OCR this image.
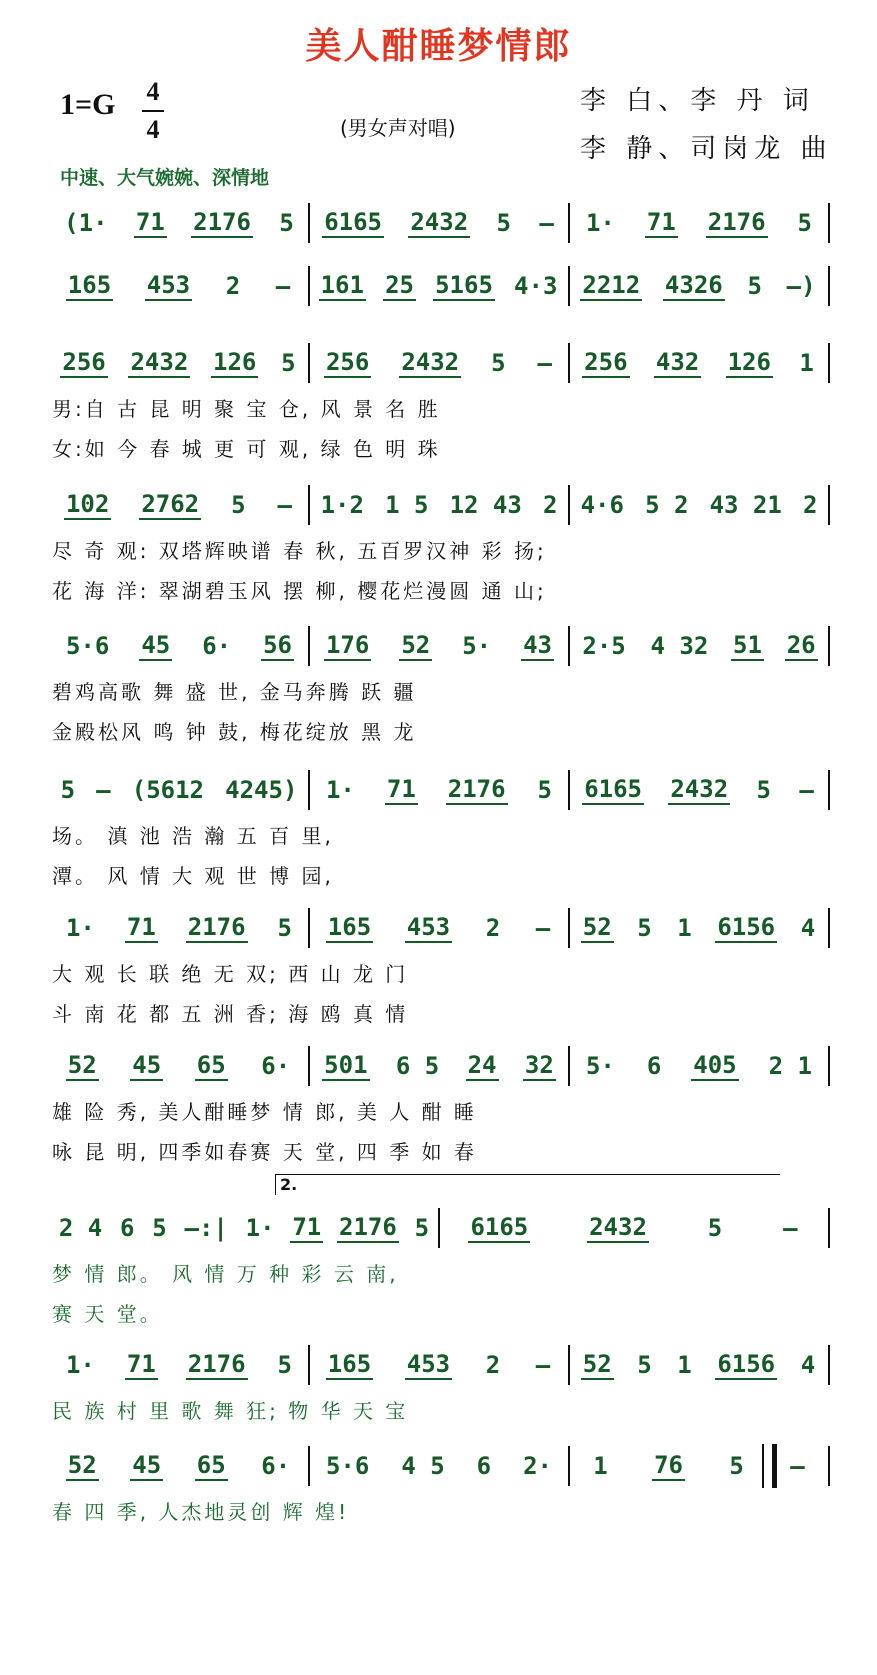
美人酣睡梦情郎
1=G 4
4	(男女声对唱)
李 白、李 丹 词
李 静、司岗龙 曲
中速、大气婉婉、深情地
(1· 71 2176 5 6165 2432 5 – 1· 71 2176 5
165 453 2 – 161 25 5165 4·3 2212 4326 5 –)
256 2432 126 5 256 2432 5 – 256 432 126 1
男:自 古 昆 明 聚 宝 仓, 风 景 名 胜
女:如 今 春 城 更 可 观, 绿 色 明 珠
102 2762 5 – 1·2 1 5 12 43 2 4·6 5 2 43 21 2
尽 奇 观: 双塔辉映谱 春 秋, 五百罗汉神 彩 扬;
花 海 洋: 翠湖碧玉风 摆 柳, 樱花烂漫圆 通 山;
5·6 45 6· 56 176 52 5· 43 2·5 4 32 51 26
碧鸡高歌 舞 盛 世, 金马奔腾 跃 疆
金殿松风 鸣 钟 鼓, 梅花绽放 黑 龙
5 – (5612 4245) 1· 71 2176 5 6165 2432 5 –
场。 滇 池 浩 瀚 五 百 里,
潭。 风 情 大 观 世 博 园,
1· 71 2176 5 165 453 2 – 52 5 1 6156 4
大 观 长 联 绝 无 双; 西 山 龙 门
斗 南 花 都 五 洲 香; 海 鸥 真 情
52 45 65 6· 501 6 5 24 32 5· 6 405 2 1
雄 险 秀, 美人酣睡梦 情 郎, 美 人 酣 睡
咏 昆 明, 四季如春赛 天 堂, 四 季 如 春
2 4 6 5 –:| 1· 71 2176 5 6165	2432	5	–
梦 情 郎。 风 情 万 种 彩 云 南,
赛 天 堂。
1· 71 2176 5 165 453 2 – 52 5 1 6156 4
民 族 村 里 歌 舞 狂; 物 华 天 宝
52 45 65 6· 5·6 4 5 6 2· 1 76 5 –
春 四 季, 人杰地灵创 辉 煌!
2.
